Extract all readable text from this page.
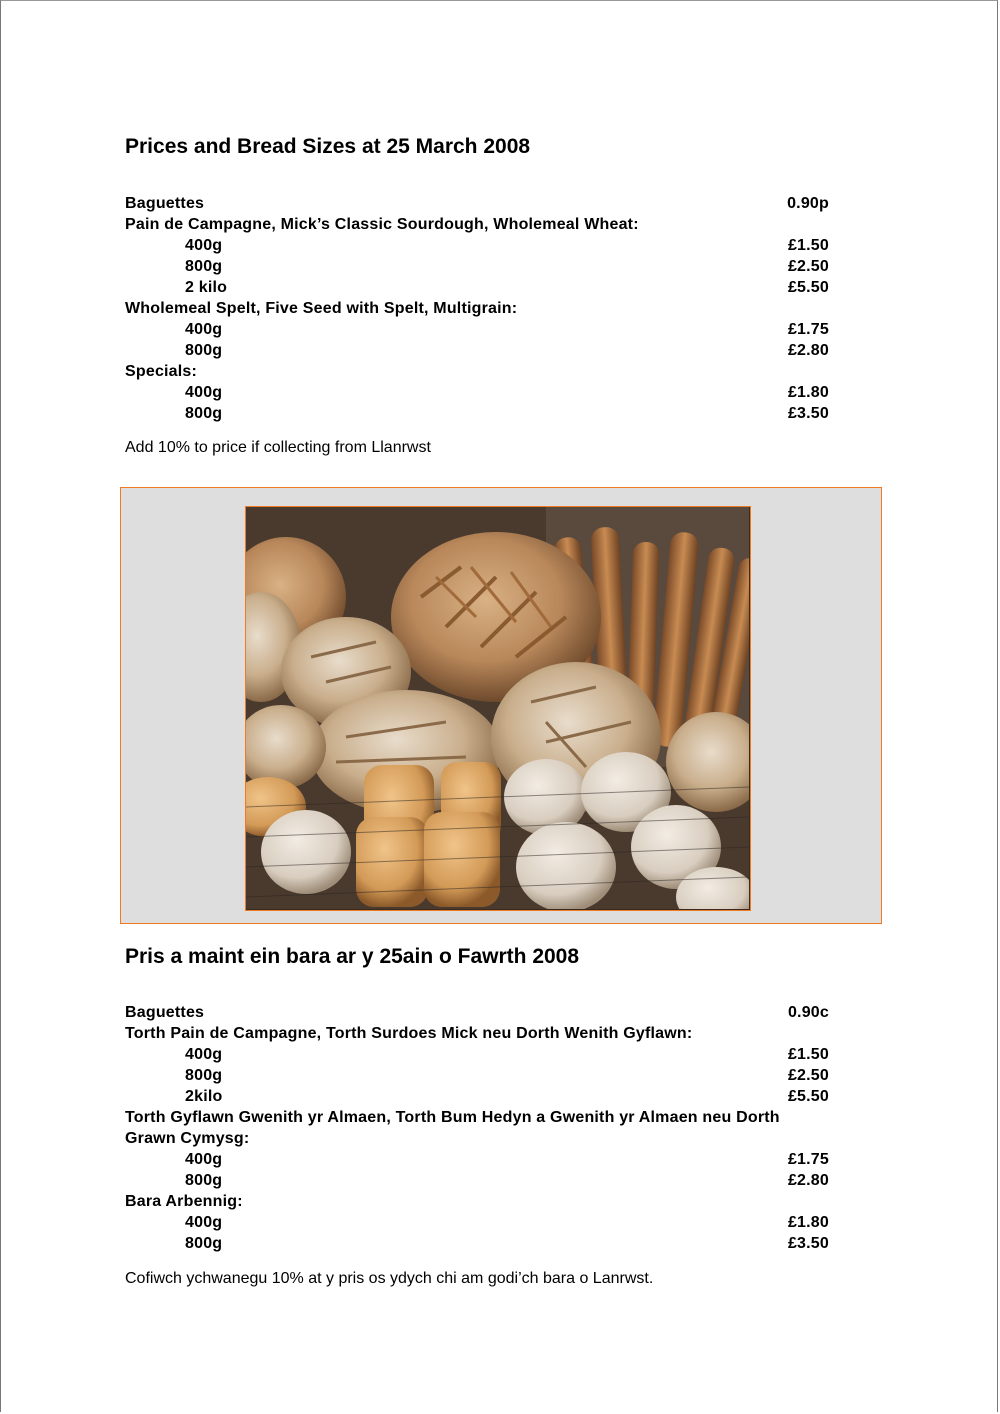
Prices and Bread Sizes at 25 March 2008
Baguettes	0.90p
Pain de Campagne, Mick’s Classic Sourdough, Wholemeal Wheat:
400g	£1.50
800g	£2.50
2 kilo	£5.50
Wholemeal Spelt, Five Seed with Spelt, Multigrain:
400g	£1.75
800g	£2.80
Specials:
400g	£1.80
800g	£3.50
Add 10% to price if collecting from Llanrwst
Pris a maint ein bara ar y 25ain o Fawrth 2008
Baguettes	0.90c
Torth Pain de Campagne, Torth Surdoes Mick neu Dorth Wenith Gyflawn:
400g	£1.50
800g	£2.50
2kilo	£5.50
Torth Gyflawn Gwenith yr Almaen, Torth Bum Hedyn a Gwenith yr Almaen neu Dorth
Grawn Cymysg:
400g	£1.75
800g	£2.80
Bara Arbennig:
400g	£1.80
800g	£3.50
Cofiwch ychwanegu 10% at y pris os ydych chi am godi’ch bara o Lanrwst.
